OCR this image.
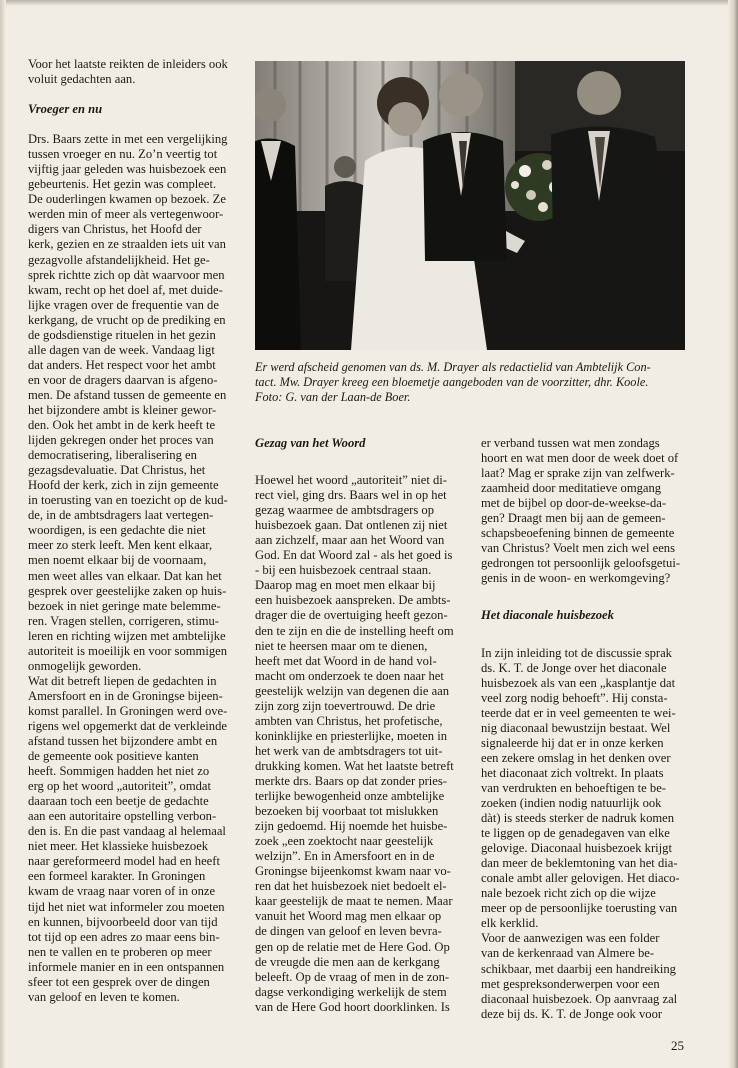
Voor het laatste reikten de inleiders ook
voluit gedachten aan.

Vroeger en nu

Drs. Baars zette in met een vergelijking
tussen vroeger en nu. Zo’n veertig tot
vijftig jaar geleden was huisbezoek een
gebeurtenis. Het gezin was compleet.
De ouderlingen kwamen op bezoek. Ze
werden min of meer als vertegenwoor-
digers van Christus, het Hoofd der
kerk, gezien en ze straalden iets uit van
gezagvolle afstandelijkheid. Het ge-
sprek richtte zich op dàt waarvoor men
kwam, recht op het doel af, met duide-
lijke vragen over de frequentie van de
kerkgang, de vrucht op de prediking en
de godsdienstige rituelen in het gezin
alle dagen van de week. Vandaag ligt
dat anders. Het respect voor het ambt
en voor de dragers daarvan is afgeno-
men. De afstand tussen de gemeente en
het bijzondere ambt is kleiner gewor-
den. Ook het ambt in de kerk heeft te
lijden gekregen onder het proces van
democratisering, liberalisering en
gezagsdevaluatie. Dat Christus, het
Hoofd der kerk, zich in zijn gemeente
in toerusting van en toezicht op de kud-
de, in de ambtsdragers laat vertegen-
woordigen, is een gedachte die niet
meer zo sterk leeft. Men kent elkaar,
men noemt elkaar bij de voornaam,
men weet alles van elkaar. Dat kan het
gesprek over geestelijke zaken op huis-
bezoek in niet geringe mate belemme-
ren. Vragen stellen, corrigeren, stimu-
leren en richting wijzen met ambtelijke
autoriteit is moeilijk en voor sommigen
onmogelijk geworden.
Wat dit betreft liepen de gedachten in
Amersfoort en in de Groningse bijeen-
komst parallel. In Groningen werd ove-
rigens wel opgemerkt dat de verkleinde
afstand tussen het bijzondere ambt en
de gemeente ook positieve kanten
heeft. Sommigen hadden het niet zo
erg op het woord „autoriteit”, omdat
daaraan toch een beetje de gedachte
aan een autoritaire opstelling verbon-
den is. En die past vandaag al helemaal
niet meer. Het klassieke huisbezoek
naar gereformeerd model had en heeft
een formeel karakter. In Groningen
kwam de vraag naar voren of in onze
tijd het niet wat informeler zou moeten
en kunnen, bijvoorbeeld door van tijd
tot tijd op een adres zo maar eens bin-
nen te vallen en te proberen op meer
informele manier en in een ontspannen
sfeer tot een gesprek over de dingen
van geloof en leven te komen.

Er werd afscheid genomen van ds. M. Drayer als redactielid van Ambtelijk Con-
tact. Mw. Drayer kreeg een bloemetje aangeboden van de voorzitter, dhr. Koole.
Foto: G. van der Laan-de Boer.

Gezag van het Woord

Hoewel het woord „autoriteit” niet di-
rect viel, ging drs. Baars wel in op het
gezag waarmee de ambtsdragers op
huisbezoek gaan. Dat ontlenen zij niet
aan zichzelf, maar aan het Woord van
God. En dat Woord zal - als het goed is
- bij een huisbezoek centraal staan.
Daarop mag en moet men elkaar bij
een huisbezoek aanspreken. De ambts-
drager die de overtuiging heeft gezon-
den te zijn en die de instelling heeft om
niet te heersen maar om te dienen,
heeft met dat Woord in de hand vol-
macht om onderzoek te doen naar het
geestelijk welzijn van degenen die aan
zijn zorg zijn toevertrouwd. De drie
ambten van Christus, het profetische,
koninklijke en priesterlijke, moeten in
het werk van de ambtsdragers tot uit-
drukking komen. Wat het laatste betreft
merkte drs. Baars op dat zonder pries-
terlijke bewogenheid onze ambtelijke
bezoeken bij voorbaat tot mislukken
zijn gedoemd. Hij noemde het huisbe-
zoek „een zoektocht naar geestelijk
welzijn”. En in Amersfoort en in de
Groningse bijeenkomst kwam naar vo-
ren dat het huisbezoek niet bedoelt el-
kaar geestelijk de maat te nemen. Maar
vanuit het Woord mag men elkaar op
de dingen van geloof en leven bevra-
gen op de relatie met de Here God. Op
de vreugde die men aan de kerkgang
beleeft. Op de vraag of men in de zon-
dagse verkondiging werkelijk de stem
van de Here God hoort doorklinken. Is

er verband tussen wat men zondags
hoort en wat men door de week doet of
laat? Mag er sprake zijn van zelfwerk-
zaamheid door meditatieve omgang
met de bijbel op door-de-weekse-da-
gen? Draagt men bij aan de gemeen-
schapsbeoefening binnen de gemeente
van Christus? Voelt men zich wel eens
gedrongen tot persoonlijk geloofsgetui-
genis in de woon- en werkomgeving?

Het diaconale huisbezoek

In zijn inleiding tot de discussie sprak
ds. K. T. de Jonge over het diaconale
huisbezoek als van een „kasplantje dat
veel zorg nodig behoeft”. Hij consta-
teerde dat er in veel gemeenten te wei-
nig diaconaal bewustzijn bestaat. Wel
signaleerde hij dat er in onze kerken
een zekere omslag in het denken over
het diaconaat zich voltrekt. In plaats
van verdrukten en behoeftigen te be-
zoeken (indien nodig natuurlijk ook
dàt) is steeds sterker de nadruk komen
te liggen op de genadegaven van elke
gelovige. Diaconaal huisbezoek krijgt
dan meer de beklemtoning van het dia-
conale ambt aller gelovigen. Het diaco-
nale bezoek richt zich op die wijze
meer op de persoonlijke toerusting van
elk kerklid.
Voor de aanwezigen was een folder
van de kerkenraad van Almere be-
schikbaar, met daarbij een handreiking
met gespreksonderwerpen voor een
diaconaal huisbezoek. Op aanvraag zal
deze bij ds. K. T. de Jonge ook voor

25
